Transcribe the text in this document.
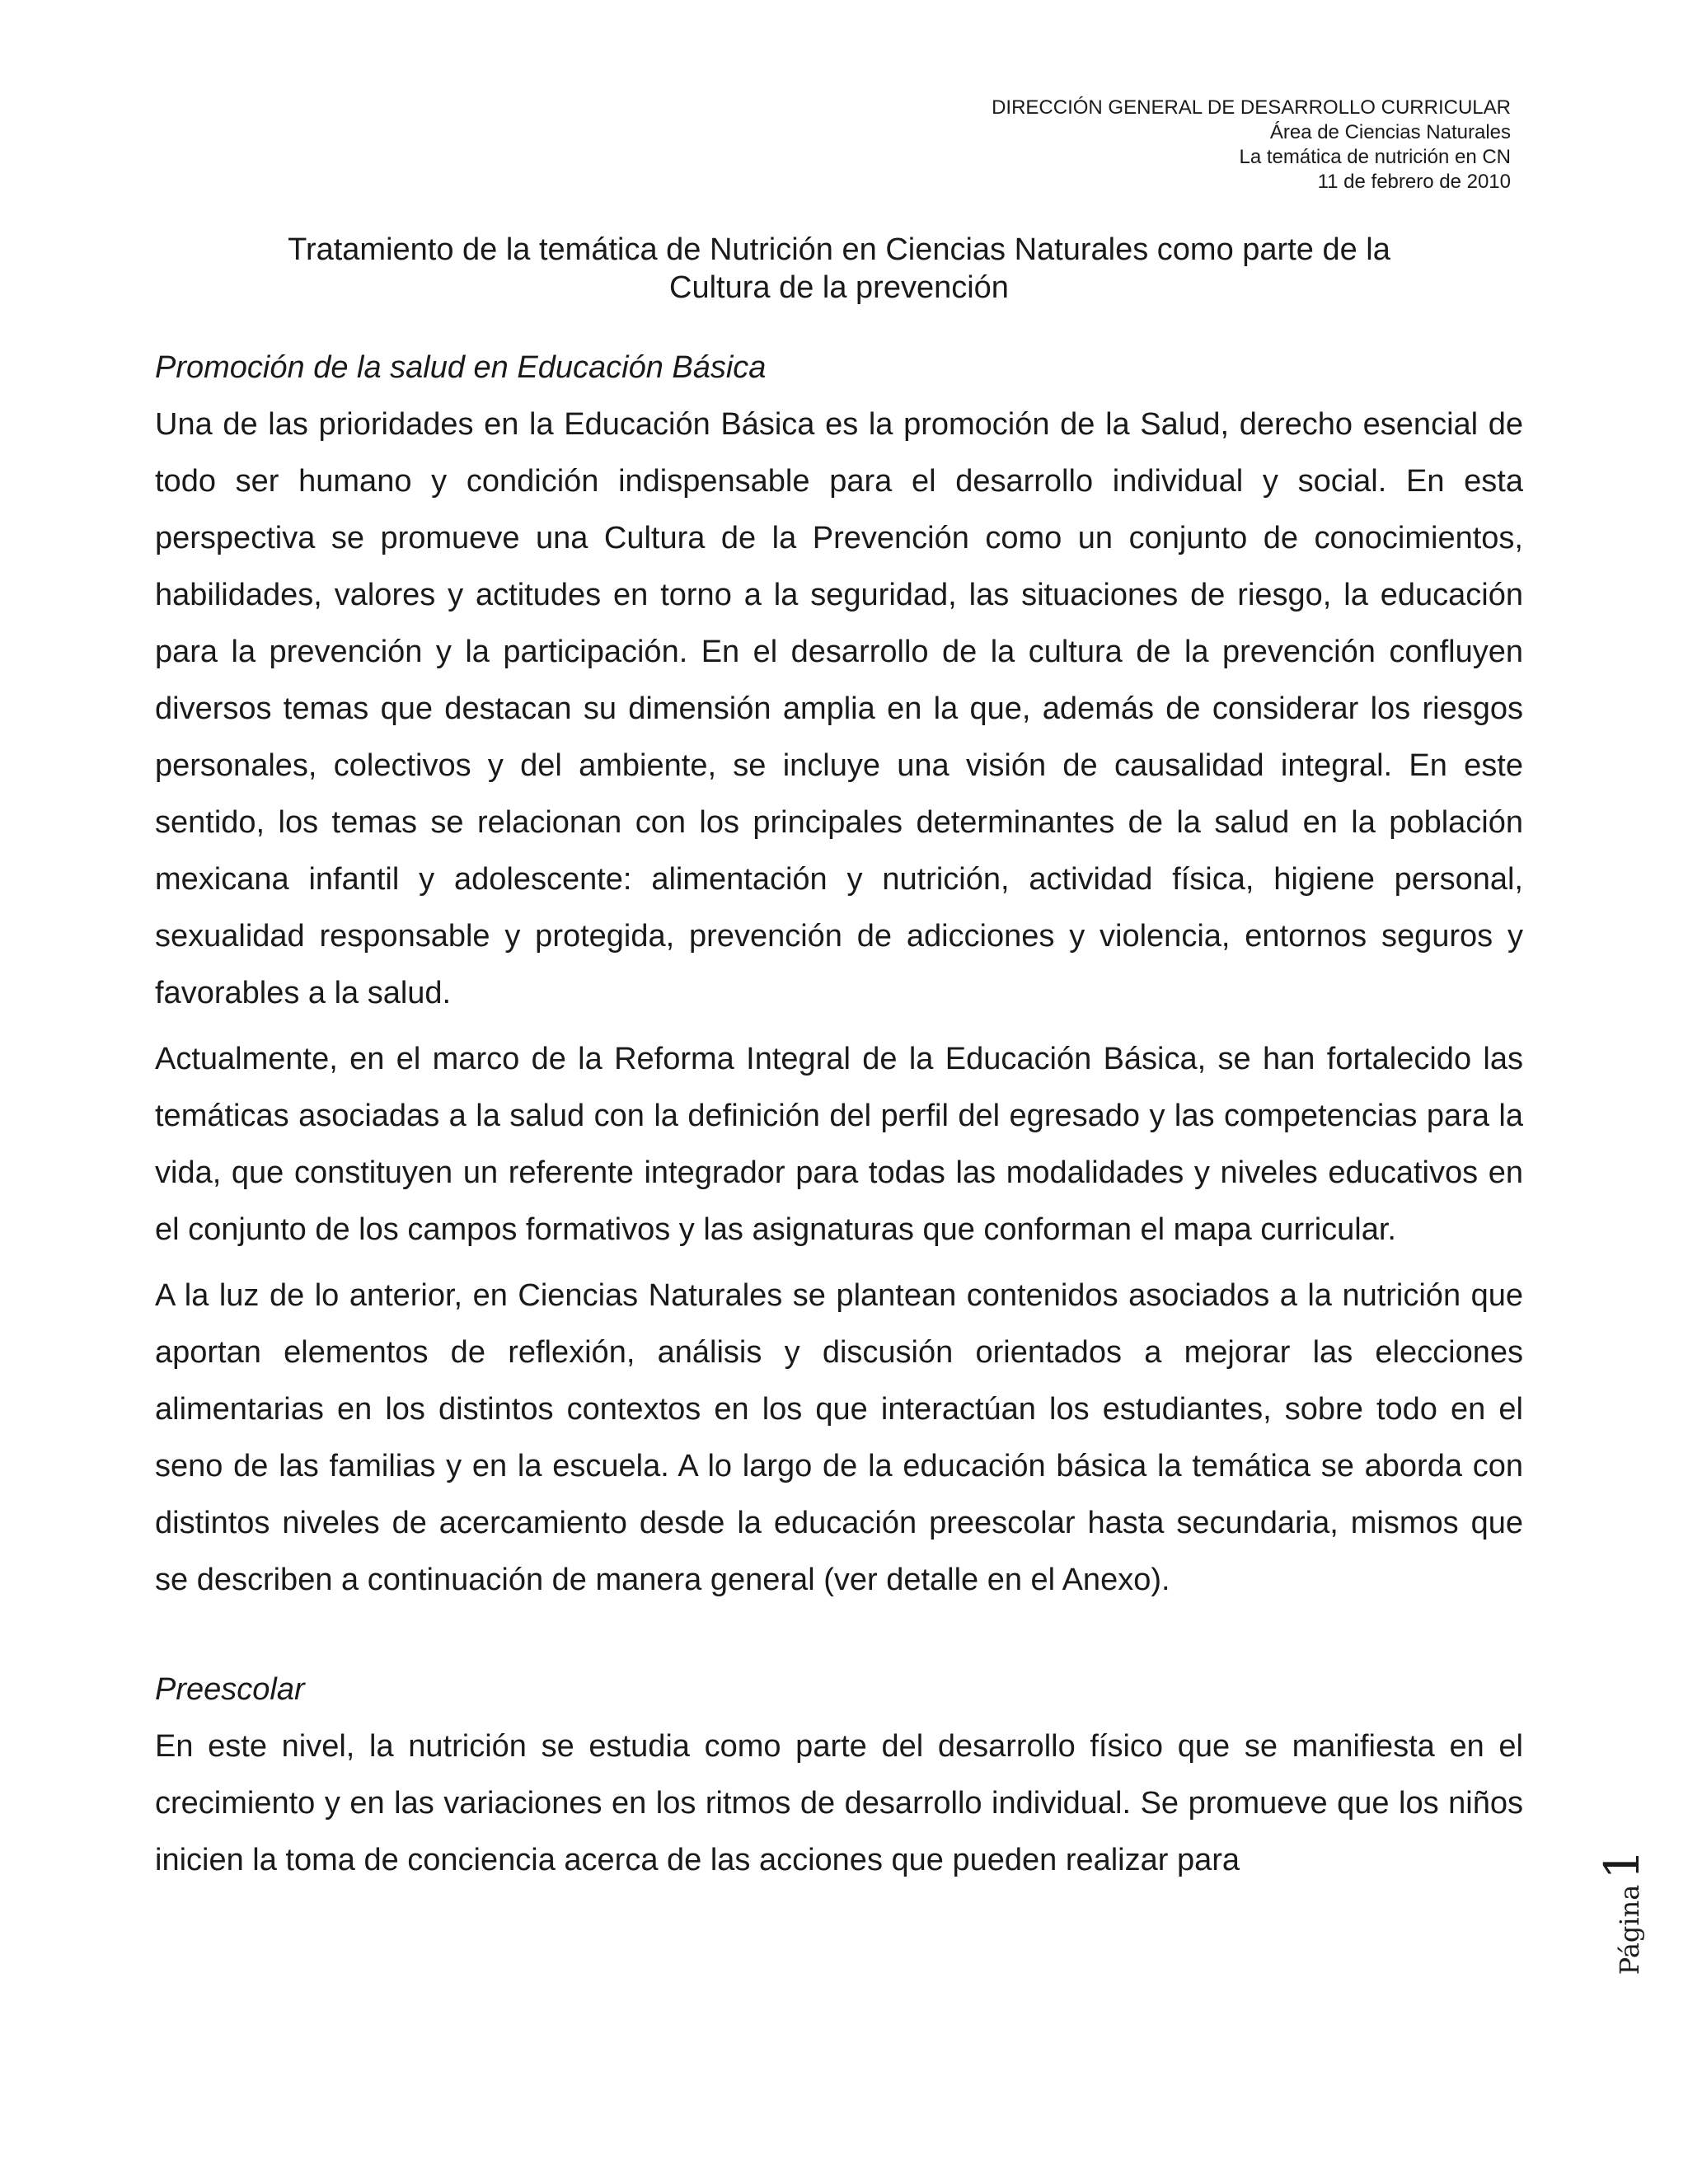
DIRECCIÓN GENERAL DE DESARROLLO CURRICULAR
Área de Ciencias Naturales
La temática de nutrición en CN
11 de febrero de 2010
Tratamiento de la temática de Nutrición en Ciencias Naturales como parte de la
Cultura de la prevención

Promoción de la salud en Educación Básica

Una de las prioridades en la Educación Básica es la promoción de la Salud, derecho esencial de todo ser humano y condición indispensable para el desarrollo individual y social. En esta perspectiva se promueve una Cultura de la Prevención como un conjunto de conocimientos, habilidades, valores y actitudes en torno a la seguridad, las situaciones de riesgo, la educación para la prevención y la participación. En el desarrollo de la cultura de la prevención confluyen diversos temas que destacan su dimensión amplia en la que, además de considerar los riesgos personales, colectivos y del ambiente, se incluye una visión de causalidad integral. En este sentido, los temas se relacionan con los principales determinantes de la salud en la población mexicana infantil y adolescente: alimentación y nutrición, actividad física, higiene personal, sexualidad responsable y protegida, prevención de adicciones y violencia, entornos seguros y favorables a la salud.

Actualmente, en el marco de la Reforma Integral de la Educación Básica, se han fortalecido las temáticas asociadas a la salud con la definición del perfil del egresado y las competencias para la vida, que constituyen un referente integrador para todas las modalidades y niveles educativos en el conjunto de los campos formativos y las asignaturas que conforman el mapa curricular.

A la luz de lo anterior, en Ciencias Naturales se plantean contenidos asociados a la nutrición que aportan elementos de reflexión, análisis y discusión orientados a mejorar las elecciones alimentarias en los distintos contextos en los que interactúan los estudiantes, sobre todo en el seno de las familias y en la escuela. A lo largo de la educación básica la temática se aborda con distintos niveles de acercamiento desde la educación preescolar hasta secundaria, mismos que se describen a continuación de manera general (ver detalle en el Anexo).

Preescolar

En este nivel, la nutrición se estudia como parte del desarrollo físico que se manifiesta en el crecimiento y en las variaciones en los ritmos de desarrollo individual. Se promueve que los niños inicien la toma de conciencia acerca de las acciones que pueden realizar para

Página1
